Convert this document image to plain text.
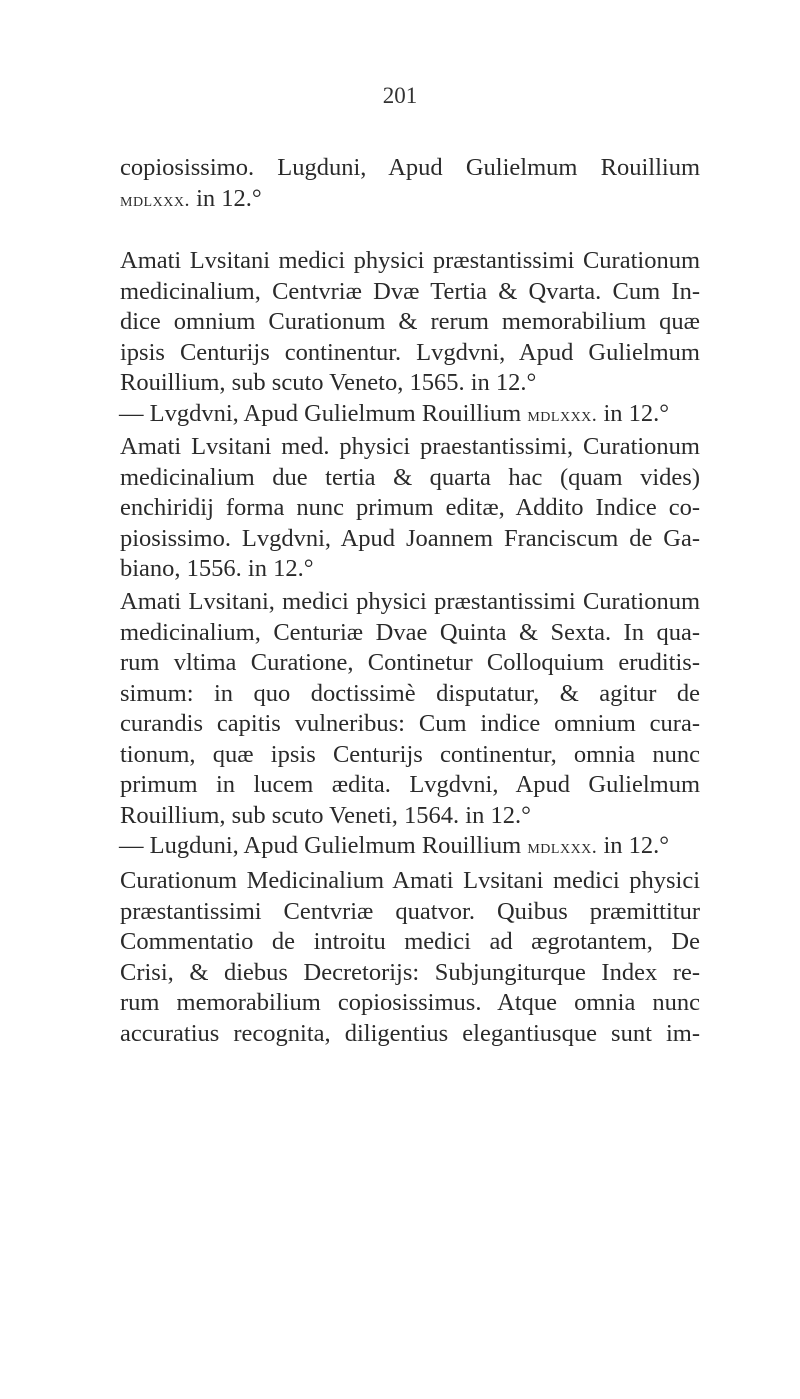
201
copiosissimo. Lugduni, Apud Gulielmum Rouillium
mdlxxx. in 12.°
Amati Lvsitani medici physici præstantissimi Curationum
medicinalium, Centvriæ Dvæ Tertia & Qvarta. Cum In-
dice omnium Curationum & rerum memorabilium quæ
ipsis Centurijs continentur. Lvgdvni, Apud Gulielmum
Rouillium, sub scuto Veneto, 1565. in 12.°
— Lvgdvni, Apud Gulielmum Rouillium mdlxxx. in 12.°
Amati Lvsitani med. physici praestantissimi, Curationum
medicinalium due tertia & quarta hac (quam vides)
enchiridij forma nunc primum editæ, Addito Indice co-
piosissimo. Lvgdvni, Apud Joannem Franciscum de Ga-
biano, 1556. in 12.°
Amati Lvsitani, medici physici præstantissimi Curationum
medicinalium, Centuriæ Dvae Quinta & Sexta. In qua-
rum vltima Curatione, Continetur Colloquium eruditis-
simum: in quo doctissimè disputatur, & agitur de
curandis capitis vulneribus: Cum indice omnium cura-
tionum, quæ ipsis Centurijs continentur, omnia nunc
primum in lucem ædita. Lvgdvni, Apud Gulielmum
Rouillium, sub scuto Veneti, 1564. in 12.°
— Lugduni, Apud Gulielmum Rouillium mdlxxx. in 12.°
Curationum Medicinalium Amati Lvsitani medici physici
præstantissimi Centvriæ quatvor. Quibus præmittitur
Commentatio de introitu medici ad ægrotantem, De
Crisi, & diebus Decretorijs: Subjungiturque Index re-
rum memorabilium copiosissimus. Atque omnia nunc
accuratius recognita, diligentius elegantiusque sunt im-
